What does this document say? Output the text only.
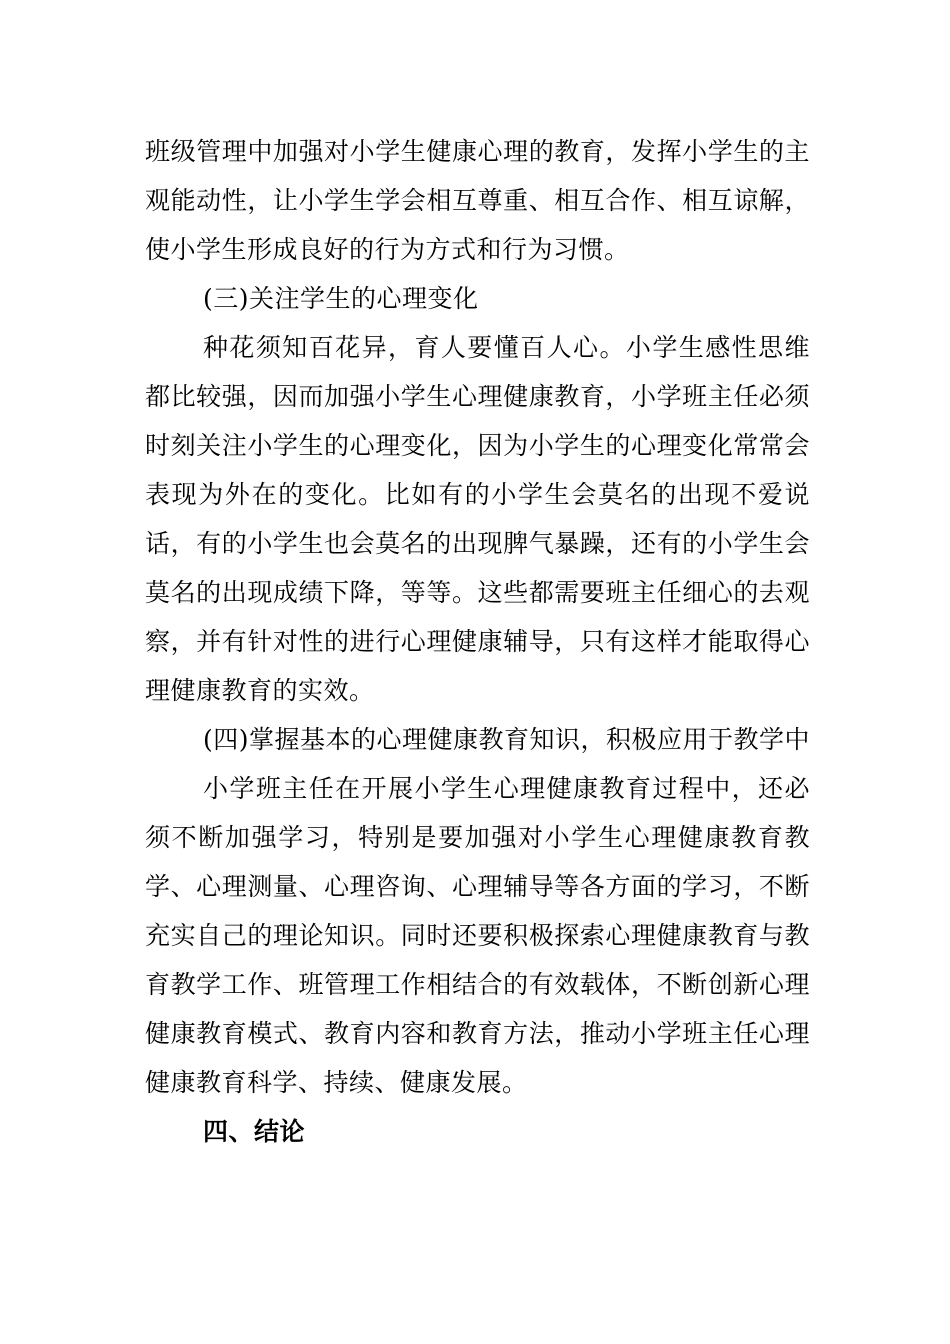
班级管理中加强对小学生健康心理的教育，发挥小学生的主观能动性，让小学生学会相互尊重、相互合作、相互谅解，使小学生形成良好的行为方式和行为习惯。

(三)关注学生的心理变化

种花须知百花异，育人要懂百人心。小学生感性思维都比较强，因而加强小学生心理健康教育，小学班主任必须时刻关注小学生的心理变化，因为小学生的心理变化常常会表现为外在的变化。比如有的小学生会莫名的出现不爱说话，有的小学生也会莫名的出现脾气暴躁，还有的小学生会莫名的出现成绩下降，等等。这些都需要班主任细心的去观察，并有针对性的进行心理健康辅导，只有这样才能取得心理健康教育的实效。

(四)掌握基本的心理健康教育知识，积极应用于教学中

小学班主任在开展小学生心理健康教育过程中，还必须不断加强学习，特别是要加强对小学生心理健康教育教学、心理测量、心理咨询、心理辅导等各方面的学习，不断充实自己的理论知识。同时还要积极探索心理健康教育与教育教学工作、班管理工作相结合的有效载体，不断创新心理健康教育模式、教育内容和教育方法，推动小学班主任心理健康教育科学、持续、健康发展。

四、结论
